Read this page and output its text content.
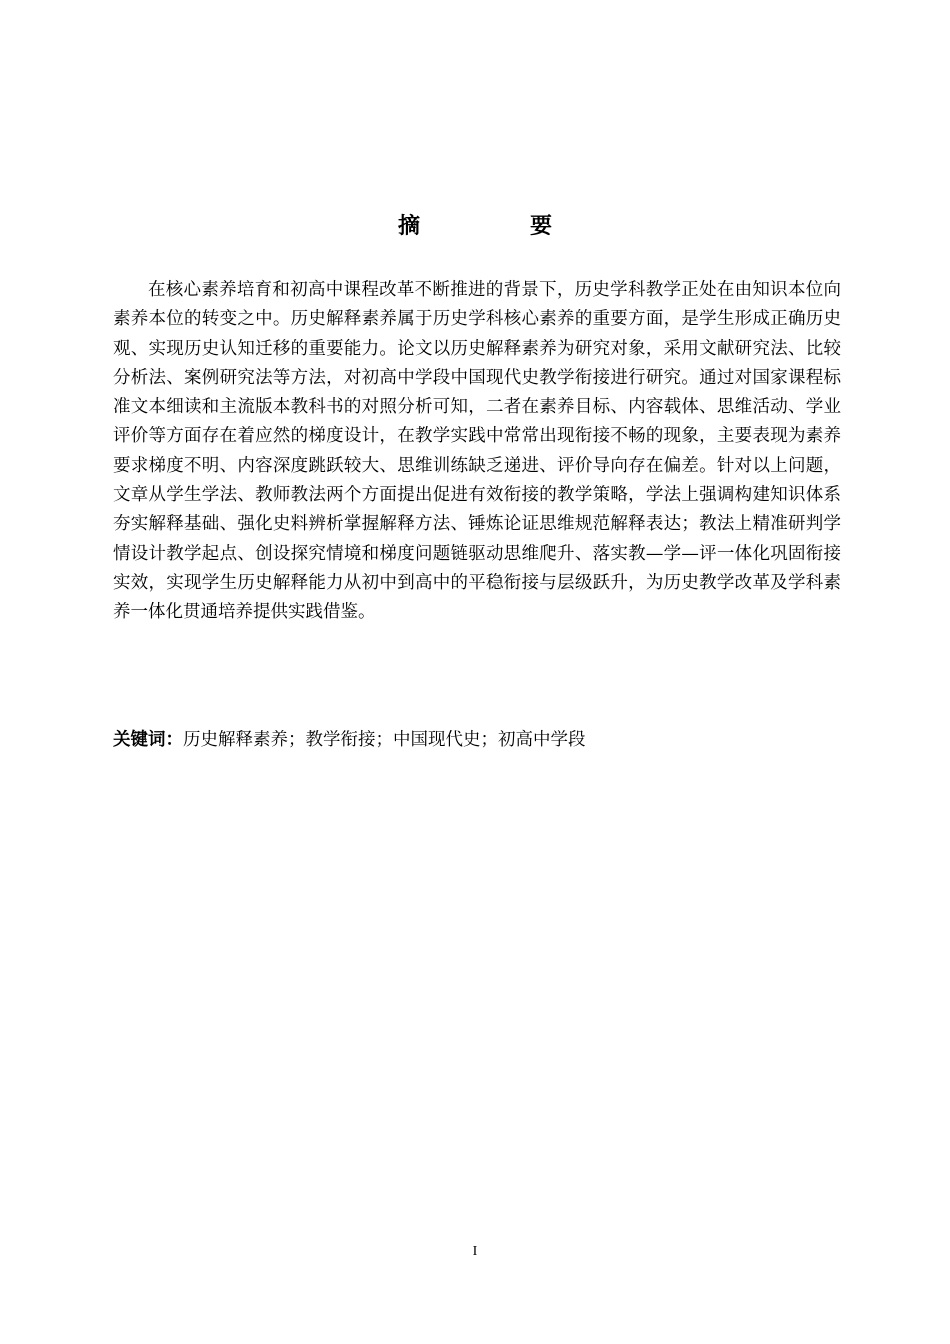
摘　要

在核心素养培育和初高中课程改革不断推进的背景下，历史学科教学正处在由知识本位向素养本位的转变之中。历史解释素养属于历史学科核心素养的重要方面，是学生形成正确历史观、实现历史认知迁移的重要能力。论文以历史解释素养为研究对象，采用文献研究法、比较分析法、案例研究法等方法，对初高中学段中国现代史教学衔接进行研究。通过对国家课程标准文本细读和主流版本教科书的对照分析可知，二者在素养目标、内容载体、思维活动、学业评价等方面存在着应然的梯度设计，在教学实践中常常出现衔接不畅的现象，主要表现为素养要求梯度不明、内容深度跳跃较大、思维训练缺乏递进、评价导向存在偏差。针对以上问题，文章从学生学法、教师教法两个方面提出促进有效衔接的教学策略，学法上强调构建知识体系夯实解释基础、强化史料辨析掌握解释方法、锤炼论证思维规范解释表达；教法上精准研判学情设计教学起点、创设探究情境和梯度问题链驱动思维爬升、落实教—学—评一体化巩固衔接实效，实现学生历史解释能力从初中到高中的平稳衔接与层级跃升，为历史教学改革及学科素养一体化贯通培养提供实践借鉴。

关键词：历史解释素养；教学衔接；中国现代史；初高中学段

I
